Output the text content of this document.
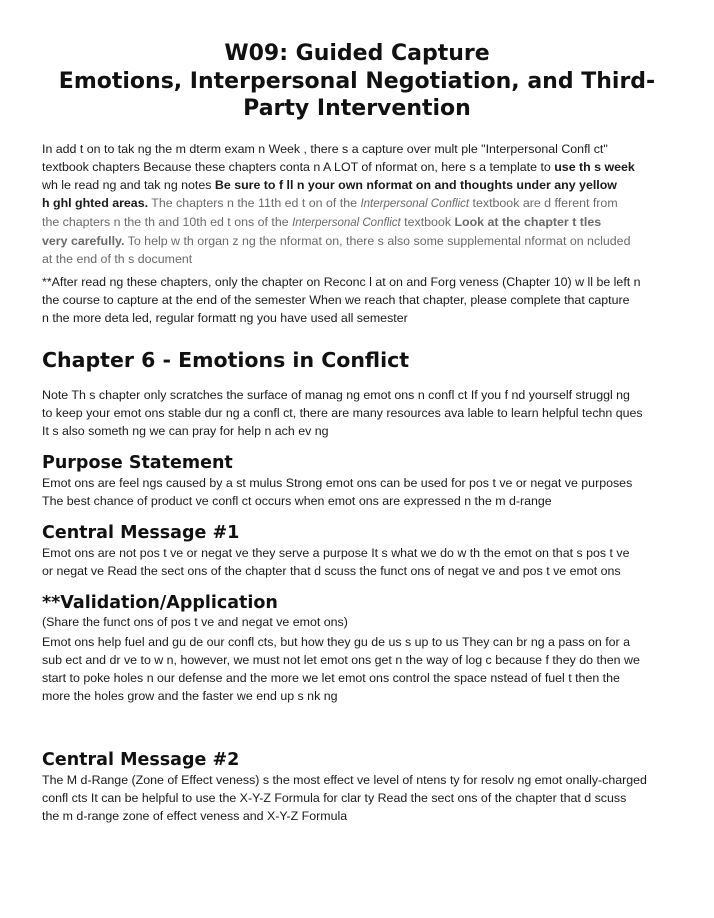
W09: Guided Capture
Emotions, Interpersonal Negotiation, and Third-
Party Intervention

In add t on to tak ng the m dterm exam n Week , there s a capture over mult ple "Interpersonal Confl ct"

textbook chapters Because these chapters conta n A LOT of nformat on, here s a template to use th s week

wh le read ng and tak ng notes Be sure to f ll n your own nformat on and thoughts under any yellow

h ghl ghted areas. The chapters n the 11th ed t on of the Interpersonal Conflict textbook are d fferent from

the chapters n the th and 10th ed t ons of the Interpersonal Conflict textbook Look at the chapter t tles

very carefully. To help w th organ z ng the nformat on, there s also some supplemental nformat on ncluded

at the end of th s document

**After read ng these chapters, only the chapter on Reconc l at on and Forg veness (Chapter 10) w ll be left n

the course to capture at the end of the semester When we reach that chapter, please complete that capture

n the more deta led, regular formatt ng you have used all semester

Chapter 6 - Emotions in Conflict

Note Th s chapter only scratches the surface of manag ng emot ons n confl ct If you f nd yourself struggl ng

to keep your emot ons stable dur ng a confl ct, there are many resources ava lable to learn helpful techn ques

It s also someth ng we can pray for help n ach ev ng

Purpose Statement

Emot ons are feel ngs caused by a st mulus Strong emot ons can be used for pos t ve or negat ve purposes

The best chance of product ve confl ct occurs when emot ons are expressed n the m d-range

Central Message #1

Emot ons are not pos t ve or negat ve they serve a purpose It s what we do w th the emot on that s pos t ve

or negat ve Read the sect ons of the chapter that d scuss the funct ons of negat ve and pos t ve emot ons

**Validation/Application

(Share the funct ons of pos t ve and negat ve emot ons)

Emot ons help fuel and gu de our confl cts, but how they gu de us s up to us They can br ng a pass on for a

sub ect and dr ve to w n, however, we must not let emot ons get n the way of log c because f they do then we

start to poke holes n our defense and the more we let emot ons control the space nstead of fuel t then the

more the holes grow and the faster we end up s nk ng

Central Message #2

The M d-Range (Zone of Effect veness) s the most effect ve level of ntens ty for resolv ng emot onally-charged

confl cts It can be helpful to use the X-Y-Z Formula for clar ty Read the sect ons of the chapter that d scuss

the m d-range zone of effect veness and X-Y-Z Formula
